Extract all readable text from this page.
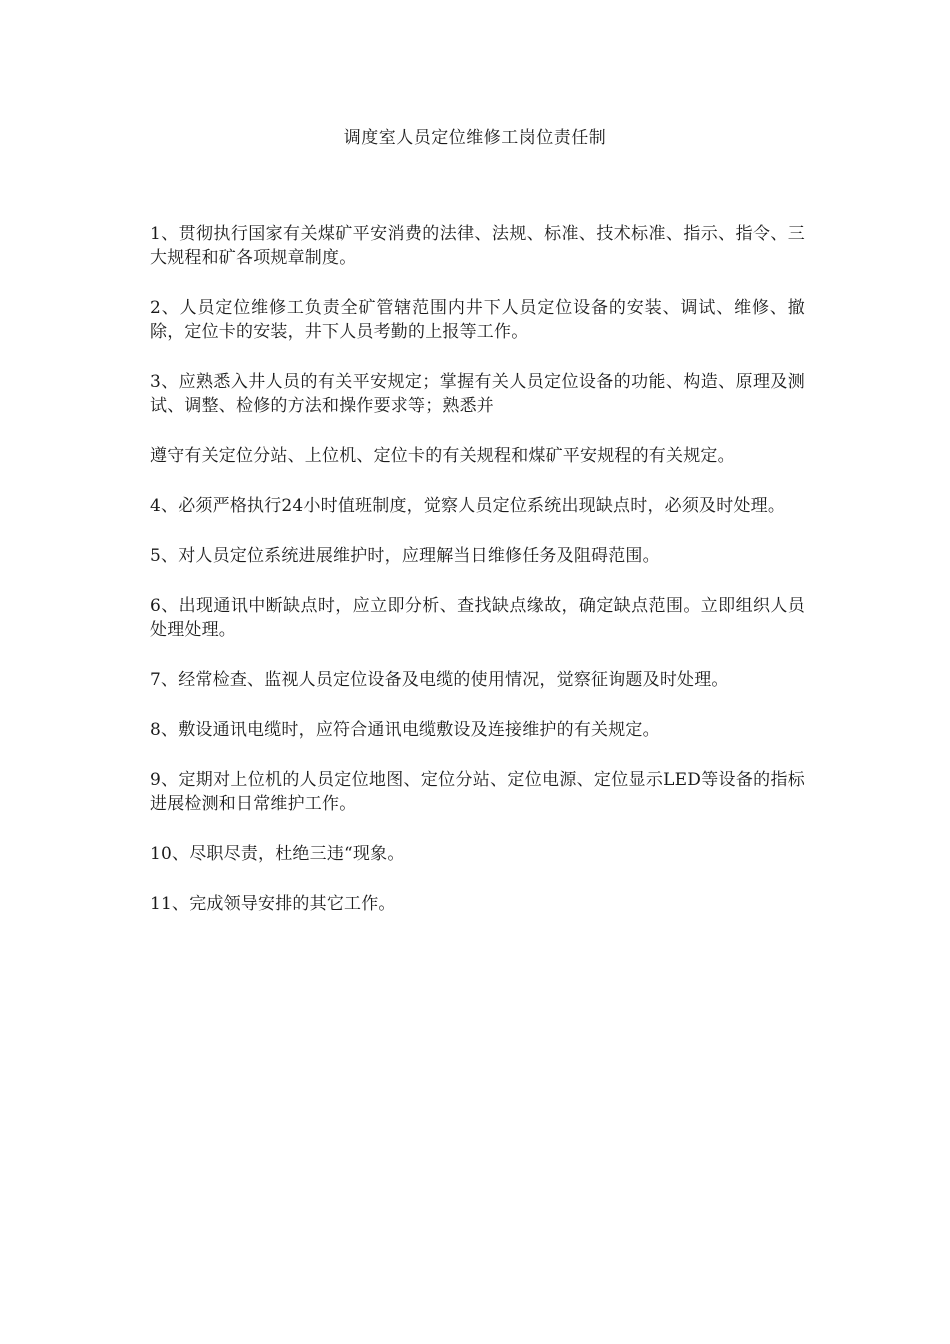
调度室人员定位维修工岗位责任制

1、贯彻执行国家有关煤矿平安消费的法律、法规、标准、技术标准、指示、指令、三大规程和矿各项规章制度。

2、人员定位维修工负责全矿管辖范围内井下人员定位设备的安装、调试、维修、撤除，定位卡的安装，井下人员考勤的上报等工作。

3、应熟悉入井人员的有关平安规定；掌握有关人员定位设备的功能、构造、原理及测试、调整、检修的方法和操作要求等；熟悉并

遵守有关定位分站、上位机、定位卡的有关规程和煤矿平安规程的有关规定。

4、必须严格执行24小时值班制度，觉察人员定位系统出现缺点时，必须及时处理。

5、对人员定位系统进展维护时，应理解当日维修任务及阻碍范围。

6、出现通讯中断缺点时，应立即分析、查找缺点缘故，确定缺点范围。立即组织人员处理处理。

7、经常检查、监视人员定位设备及电缆的使用情况，觉察征询题及时处理。

8、敷设通讯电缆时，应符合通讯电缆敷设及连接维护的有关规定。

9、定期对上位机的人员定位地图、定位分站、定位电源、定位显示LED等设备的指标进展检测和日常维护工作。

10、尽职尽责，杜绝三违“现象。

11、完成领导安排的其它工作。
